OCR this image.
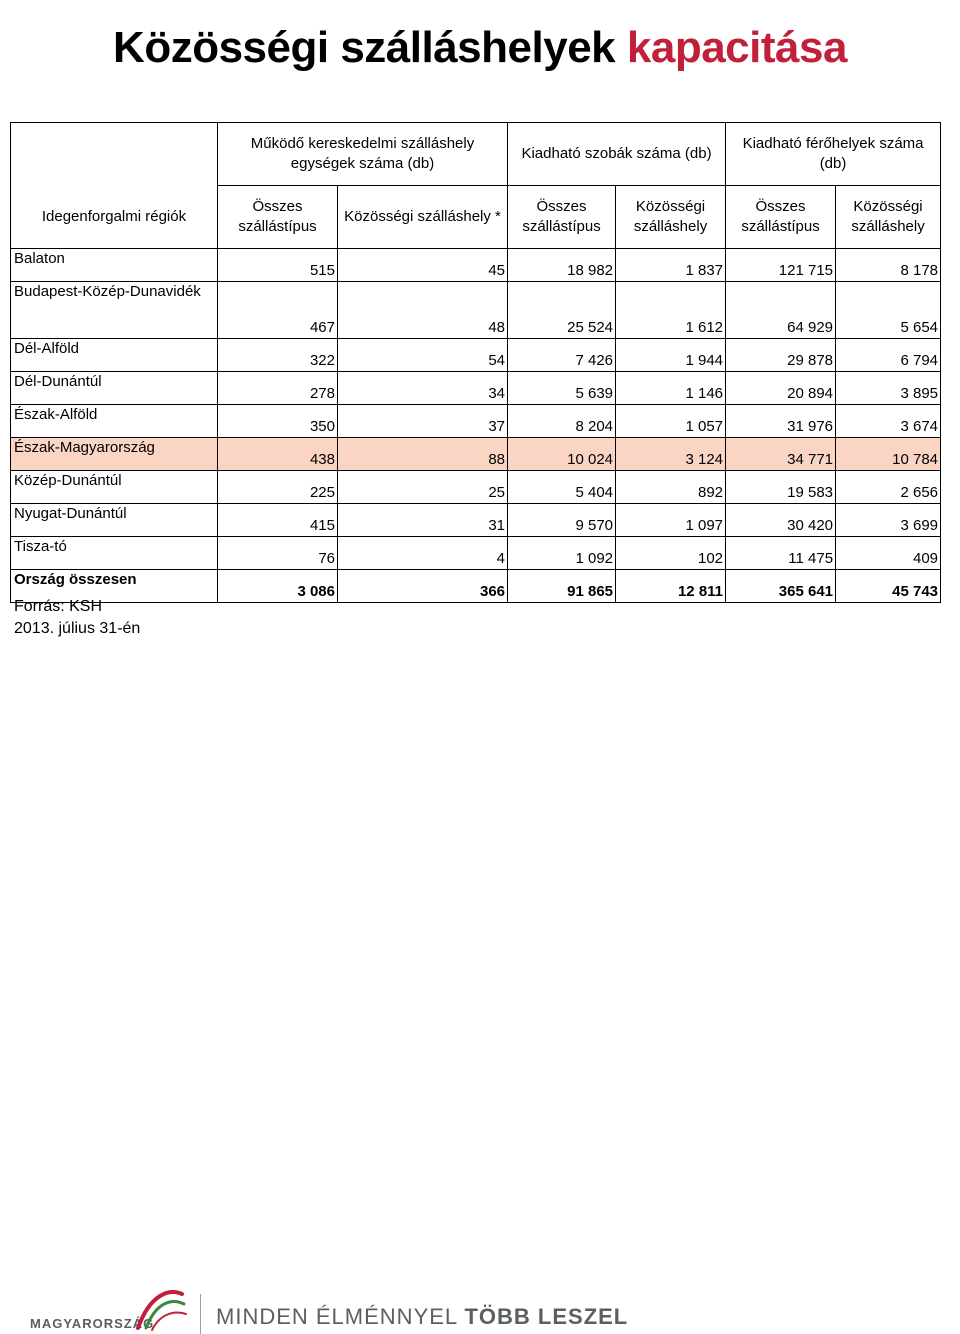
Közösségi szálláshelyek kapacitása
	Működő kereskedelmi szálláshely egységek száma (db)		Kiadható szobák száma (db)		Kiadható férőhelyek száma (db)	
Idegenforgalmi régiók	Összes szállástípus	Közösségi szálláshely *	Összes szállástípus	Közösségi szálláshely	Összes szállástípus	Közösségi szálláshely
Balaton	515	45	18 982	1 837	121 715	8 178
Budapest-Közép-Dunavidék	467	48	25 524	1 612	64 929	5 654
Dél-Alföld	322	54	7 426	1 944	29 878	6 794
Dél-Dunántúl	278	34	5 639	1 146	20 894	3 895
Észak-Alföld	350	37	8 204	1 057	31 976	3 674
Észak-Magyarország	438	88	10 024	3 124	34 771	10 784
Közép-Dunántúl	225	25	5 404	892	19 583	2 656
Nyugat-Dunántúl	415	31	9 570	1 097	30 420	3 699
Tisza-tó	76	4	1 092	102	11 475	409
Ország összesen	3 086	366	91 865	12 811	365 641	45 743
Forrás: KSH
2013. július 31-én
MAGYARORSZÁG	MINDEN ÉLMÉNNYEL TÖBB LESZEL
